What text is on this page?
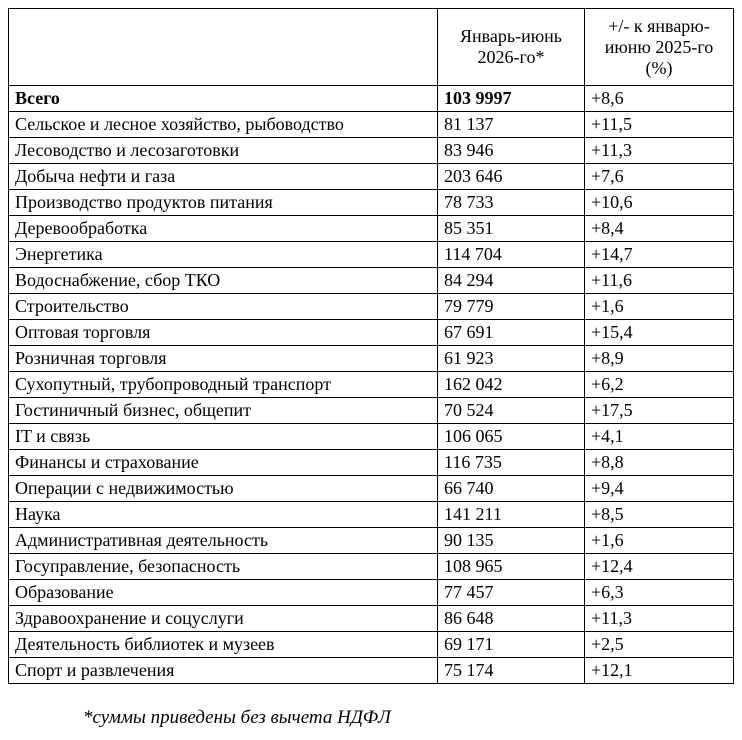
	Январь-июнь 2026-го*	+/- к январю-июню 2025-го (%)
Всего	103 9997	+8,6
Сельское и лесное хозяйство, рыбоводство	81 137	+11,5
Лесоводство и лесозаготовки	83 946	+11,3
Добыча нефти и газа	203 646	+7,6
Производство продуктов питания	78 733	+10,6
Деревообработка	85 351	+8,4
Энергетика	114 704	+14,7
Водоснабжение, сбор ТКО	84 294	+11,6
Строительство	79 779	+1,6
Оптовая торговля	67 691	+15,4
Розничная торговля	61 923	+8,9
Сухопутный, трубопроводный транспорт	162 042	+6,2
Гостиничный бизнес, общепит	70 524	+17,5
IT и связь	106 065	+4,1
Финансы и страхование	116 735	+8,8
Операции с недвижимостью	66 740	+9,4
Наука	141 211	+8,5
Административная деятельность	90 135	+1,6
Госуправление, безопасность	108 965	+12,4
Образование	77 457	+6,3
Здравоохранение и соцуслуги	86 648	+11,3
Деятельность библиотек и музеев	69 171	+2,5
Спорт и развлечения	75 174	+12,1
*суммы приведены без вычета НДФЛ
